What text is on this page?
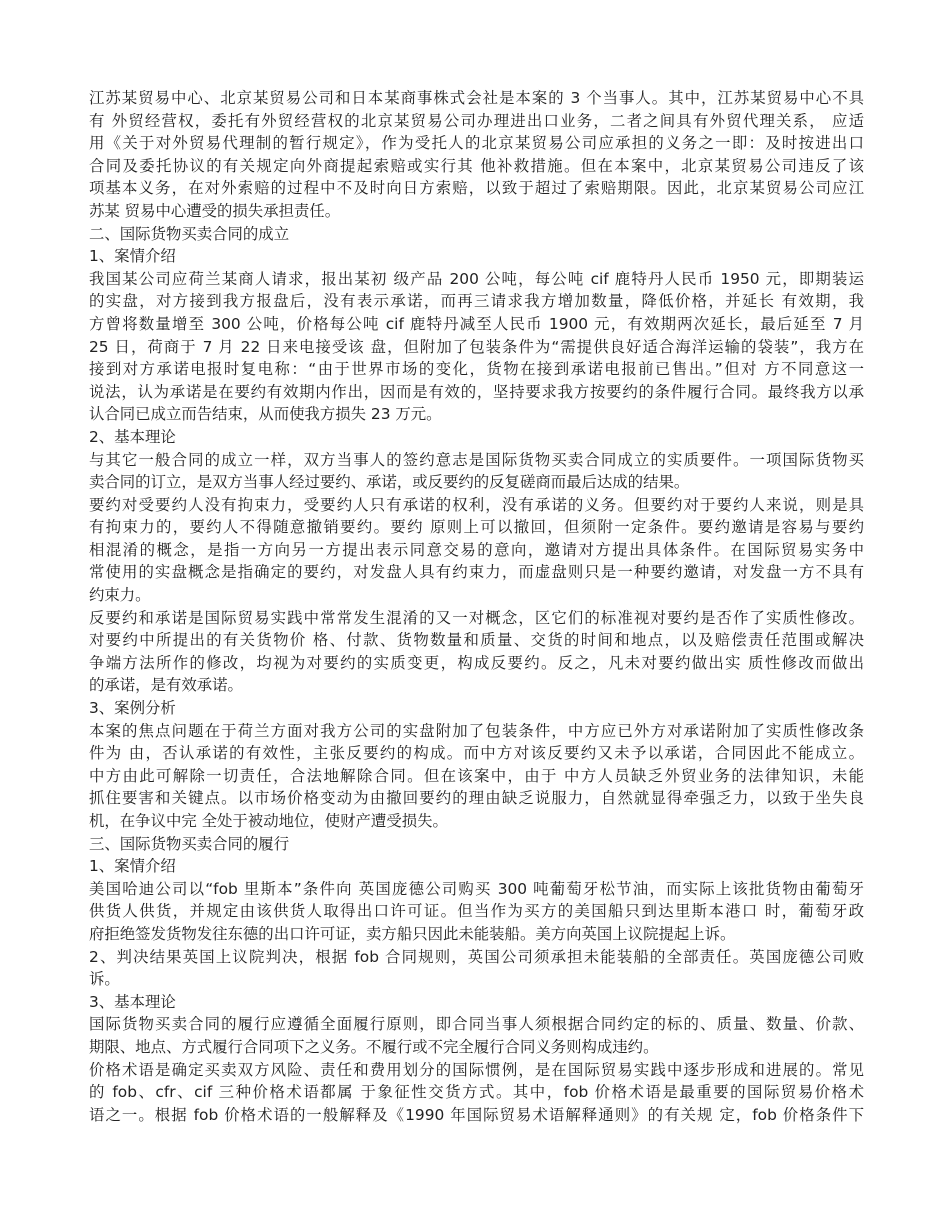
江苏某贸易中心、北京某贸易公司和日本某商事株式会社是本案的 3 个当事人。其中，江苏某贸易中心不具
有 外贸经营权，委托有外贸经营权的北京某贸易公司办理进出口业务，二者之间具有外贸代理关系， 应适
用《关于对外贸易代理制的暂行规定》，作为受托人的北京某贸易公司应承担的义务之一即：及时按进出口
合同及委托协议的有关规定向外商提起索赔或实行其 他补救措施。但在本案中，北京某贸易公司违反了该
项基本义务，在对外索赔的过程中不及时向日方索赔，以致于超过了索赔期限。因此，北京某贸易公司应江
苏某 贸易中心遭受的损失承担责任。
二、国际货物买卖合同的成立
1、案情介绍
我国某公司应荷兰某商人请求，报出某初 级产品 200 公吨，每公吨 cif 鹿特丹人民币 1950 元，即期装运
的实盘，对方接到我方报盘后，没有表示承诺，而再三请求我方增加数量，降低价格，并延长 有效期，我
方曾将数量增至 300 公吨，价格每公吨 cif 鹿特丹减至人民币 1900 元，有效期两次延长，最后延至 7 月
25 日，荷商于 7 月 22 日来电接受该 盘，但附加了包装条件为“需提供良好适合海洋运输的袋装”，我方在
接到对方承诺电报时复电称：“由于世界市场的变化，货物在接到承诺电报前已售出。”但对 方不同意这一
说法，认为承诺是在要约有效期内作出，因而是有效的，坚持要求我方按要约的条件履行合同。最终我方以承
认合同已成立而告结束，从而使我方损失 23 万元。
2、基本理论
与其它一般合同的成立一样，双方当事人的签约意志是国际货物买卖合同成立的实质要件。一项国际货物买
卖合同的订立，是双方当事人经过要约、承诺，或反要约的反复磋商而最后达成的结果。
要约对受要约人没有拘束力，受要约人只有承诺的权利，没有承诺的义务。但要约对于要约人来说，则是具
有拘束力的，要约人不得随意撤销要约。要约 原则上可以撤回，但须附一定条件。要约邀请是容易与要约
相混淆的概念，是指一方向另一方提出表示同意交易的意向，邀请对方提出具体条件。在国际贸易实务中
常使用的实盘概念是指确定的要约，对发盘人具有约束力，而虚盘则只是一种要约邀请，对发盘一方不具有
约束力。
反要约和承诺是国际贸易实践中常常发生混淆的又一对概念，区它们的标准视对要约是否作了实质性修改。
对要约中所提出的有关货物价 格、付款、货物数量和质量、交货的时间和地点，以及赔偿责任范围或解决
争端方法所作的修改，均视为对要约的实质变更，构成反要约。反之，凡未对要约做出实 质性修改而做出
的承诺，是有效承诺。
3、案例分析
本案的焦点问题在于荷兰方面对我方公司的实盘附加了包装条件，中方应已外方对承诺附加了实质性修改条
件为 由，否认承诺的有效性，主张反要约的构成。而中方对该反要约又未予以承诺，合同因此不能成立。
中方由此可解除一切责任，合法地解除合同。但在该案中，由于 中方人员缺乏外贸业务的法律知识，未能
抓住要害和关键点。以市场价格变动为由撤回要约的理由缺乏说服力，自然就显得牵强乏力，以致于坐失良
机，在争议中完 全处于被动地位，使财产遭受损失。
三、国际货物买卖合同的履行
1、案情介绍
美国哈迪公司以“fob 里斯本”条件向 英国庞德公司购买 300 吨葡萄牙松节油，而实际上该批货物由葡萄牙
供货人供货，并规定由该供货人取得出口许可证。但当作为买方的美国船只到达里斯本港口 时，葡萄牙政
府拒绝签发货物发往东德的出口许可证，卖方船只因此未能装船。美方向英国上议院提起上诉。
2、判决结果英国上议院判决，根据 fob 合同规则，英国公司须承担未能装船的全部责任。英国庞德公司败
诉。
3、基本理论
国际货物买卖合同的履行应遵循全面履行原则，即合同当事人须根据合同约定的标的、质量、数量、价款、
期限、地点、方式履行合同项下之义务。不履行或不完全履行合同义务则构成违约。
价格术语是确定买卖双方风险、责任和费用划分的国际惯例，是在国际贸易实践中逐步形成和进展的。常见
的 fob、cfr、cif 三种价格术语都属 于象征性交货方式。其中，fob 价格术语是最重要的国际贸易价格术
语之一。根据 fob 价格术语的一般解释及《1990 年国际贸易术语解释通则》的有关规 定，fob 价格条件下
